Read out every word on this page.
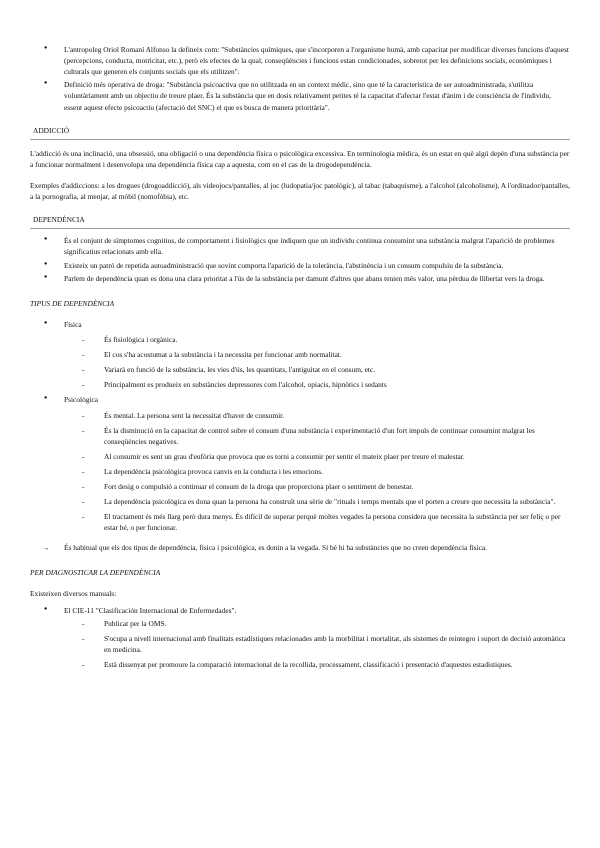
● L'antropoleg Oriol Romaní Alfonso la defineix com: "Substàncies químiques, que s'incorporen a l'organisme humà, amb capacitat per modificar diverses funcions d'aquest (percepcions, conducta, motricitat, etc.), però els efectes de la qual, conseqüències i funcions estan condicionades, sobretot per les definicions socials, econòmiques i culturals que generen els conjunts socials que els utilitzen".
● Definició més operativa de droga: "Substància psicoactiva que no utilitzada en un context mèdic, sino que té la característica de ser autoadministrada, s'utilitza voluntàriament amb un objectiu de treure plaer. És la substància que en dosis relativament petites té la capacitat d'afectar l'estat d'ànim i de consciència de l'individu, essent aquest efecte psicoactiu (afectació del SNC) el que es busca de manera prioritària".
ADDICCIÓ

L'addicció és una inclinació, una obsessió, una obligació o una dependència física o psicològica excessiva. En terminologia mèdica, és un estat en què algú depèn d'una substància per a funcionar normalment i desenvolupa una dependència física cap a aquesta, com en el cas de la drogodependència.

Exemples d'addiccions: a les drogues (drogoaddicció), als videojocs/pantalles, al joc (ludopatia/joc patològic), al tabac (tabaquisme), a l'alcohol (alcoholisme), A l'ordinador/pantalles, a la pornografia, al menjar, al mòbil (nomofòbia), etc.

DEPENDÈNCIA
● És el conjunt de símptomes cognitius, de comportament i fisiològics que indiquen que un individu continua consumint una substància malgrat l'aparició de problemes significatius relacionats amb ella.
● Existeix un patró de repetida autoadministració que sovint comporta l'aparició de la tolerància, l'abstinència i un consum compulsiu de la substància.
● Parlem de dependència quan es dona una clara prioritat a l'ús de la substància per damunt d'altres que abans tenien més valor, una pèrdua de llibertat vers la droga.
TIPUS DE DEPENDÈNCIA
● Física
- És fisiològica i orgànica.
- El cos s'ha acostumat a la substància i la necessita per funcionar amb normalitat.
- Variarà en funció de la substància, les vies d'ús, les quantitats, l'antiguitat en el consum, etc.
- Principalment es produeix en substàncies depressores com l'alcohol, opiacis, hipnòtics i sedants
● Psicològica
- És mental. La persona sent la necessitat d'haver de consumir.
- És la disminució en la capacitat de control sobre el consum d'una substància i experimentació d'un fort impuls de continuar consumint malgrat les conseqüències negatives.
- Al consumir es sent un grau d'eufòria que provoca que es torni a consumir per sentir el mateix plaer per treure el malestar.
- La dependència psicològica provoca canvis en la conducta i les emocions.
- Fort desig o compulsió a continuar el consum de la droga que proporciona plaer o sentiment de benestar.
- La dependència psicològica es dona quan la persona ha construït una sèrie de "rituals i temps mentals que el porten a creure que necessita la substància".
- El tractament és més llarg però dura menys. És difícil de superar perquè moltes vegades la persona considera que necessita la substància per ser feliç o per estar bé, o per funcionar.

→ És habitual que els dos tipus de dependència, física i psicològica, es donin a la vegada. Sí bé hi ha substàncies que no creen dependència física.

PER DIAGNOSTICAR LA DEPENDÈNCIA

Existeixen diversos manuals:

● El CIE-11 "Clasificación Internacional de Enfermedades".
- Publicat per la OMS.
- S'ocupa a nivell internacional amb finalitats estadístiques relacionades amb la morbilitat i mortalitat, als sistemes de reintegro i suport de decisió automàtica en medicina.
- Està dissenyat per promoure la comparació internacional de la recollida, processament, classificació i presentació d'aquestes estadístiques.
